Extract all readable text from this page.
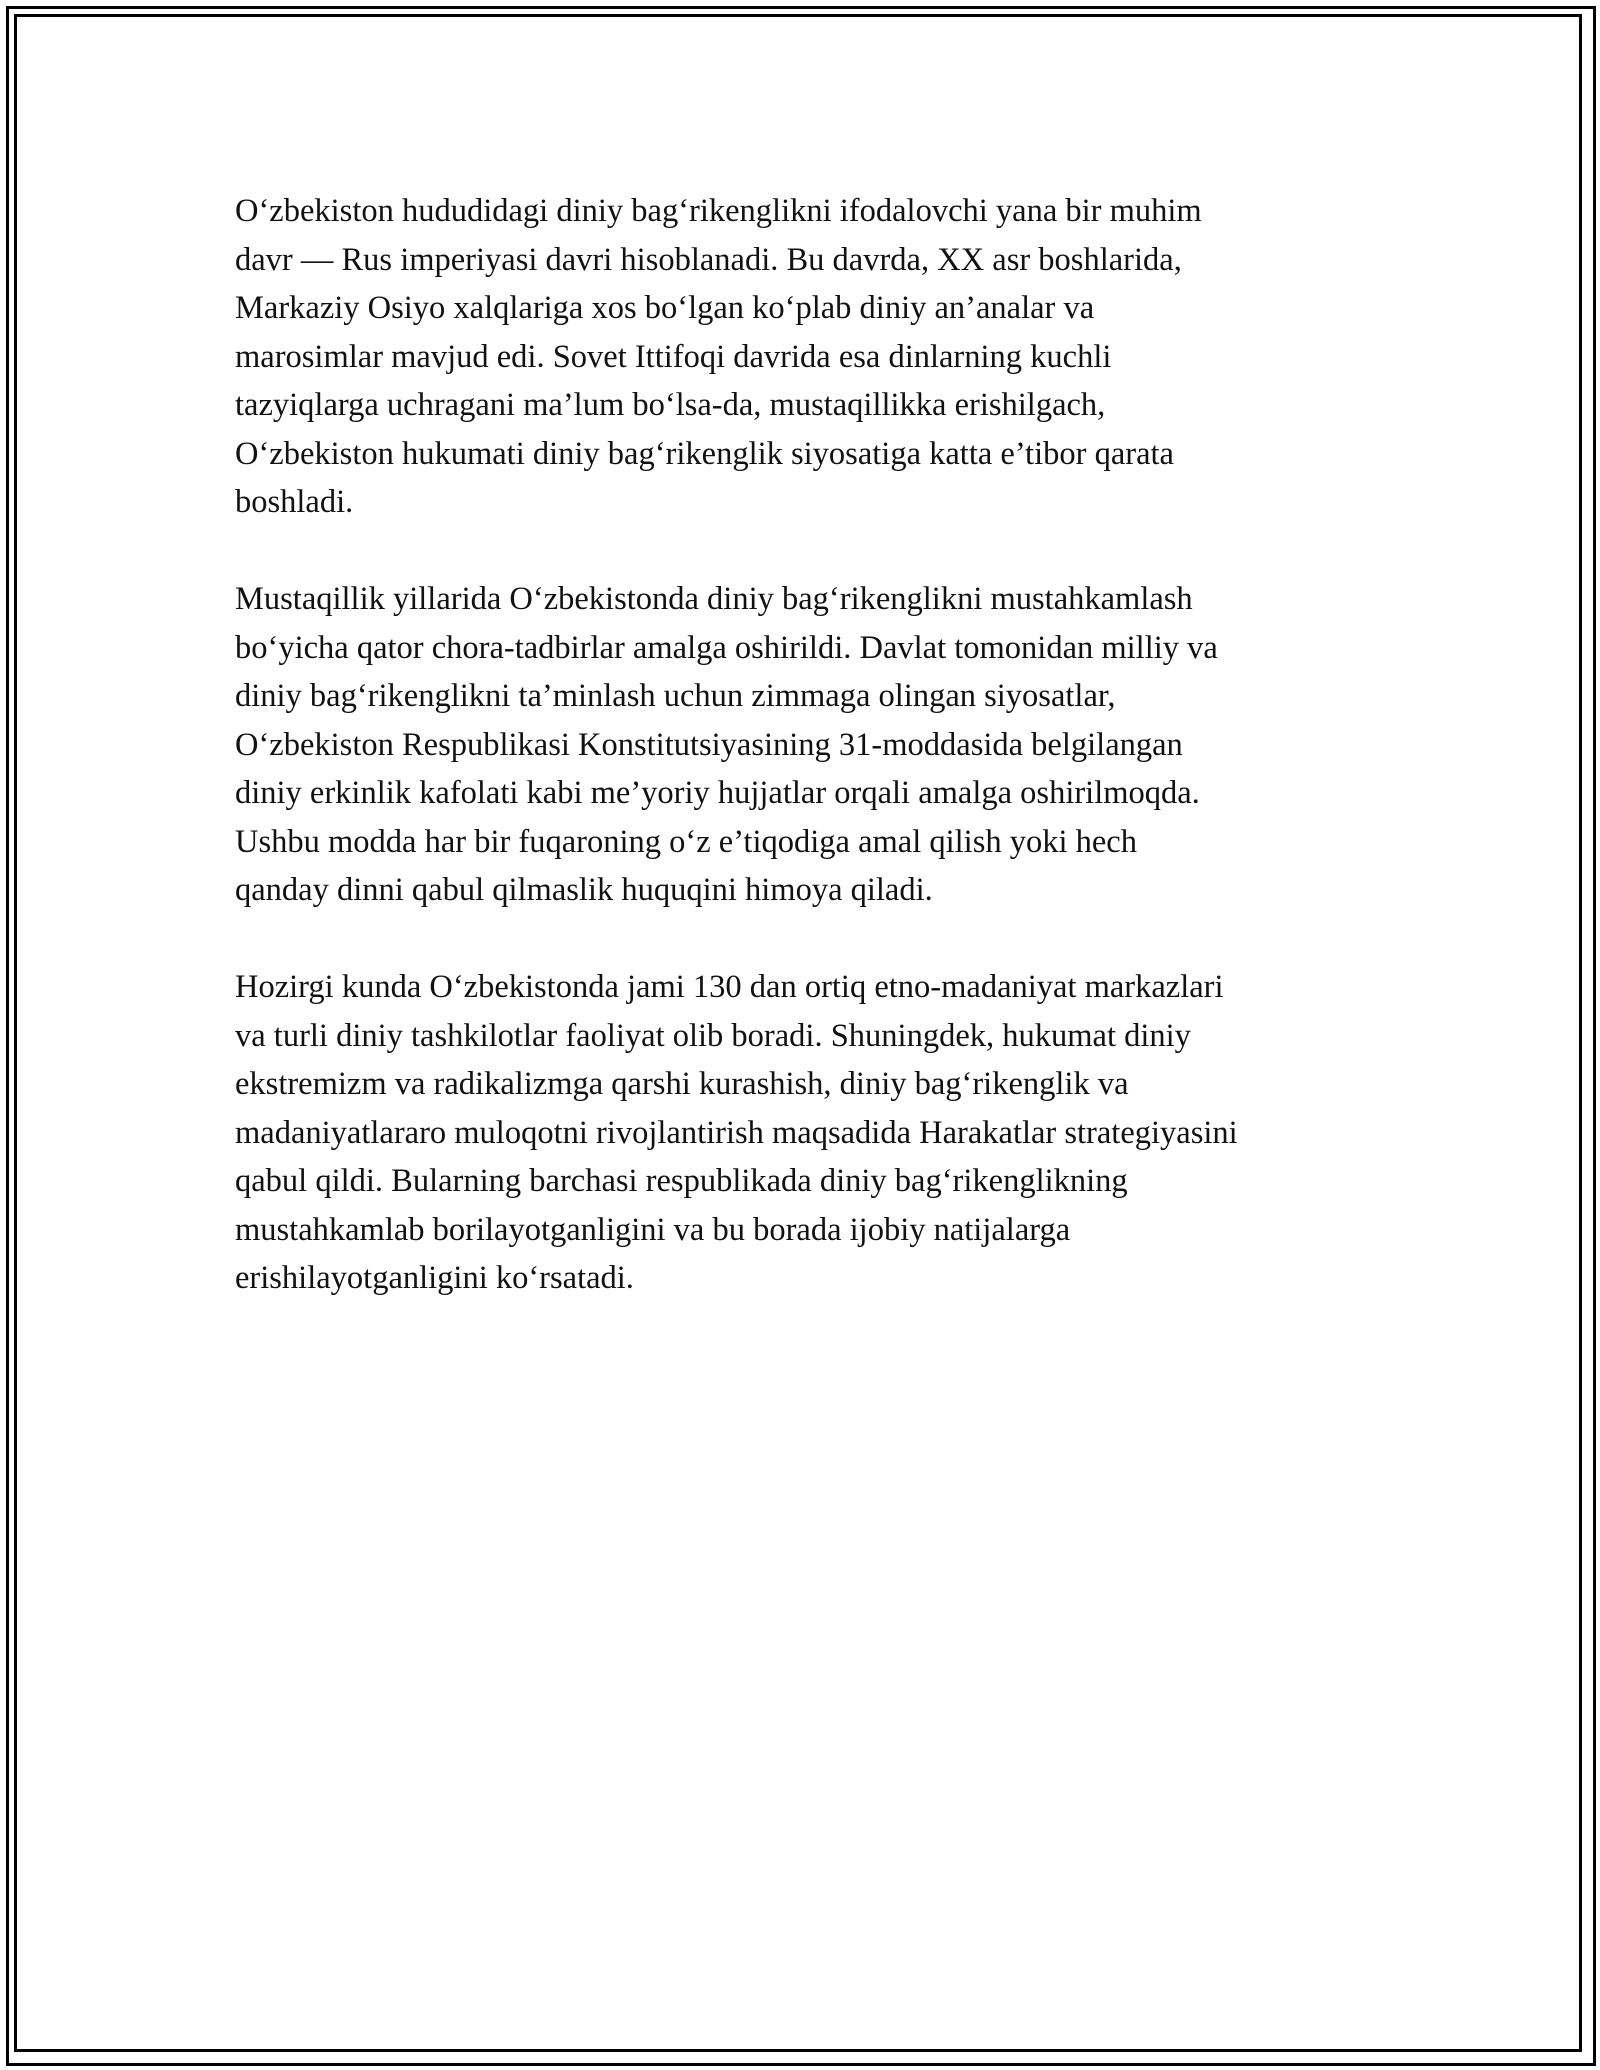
Oʻzbekiston hududidagi diniy bagʻrikenglikni ifodalovchi yana bir muhim
davr — Rus imperiyasi davri hisoblanadi. Bu davrda, XX asr boshlarida,
Markaziy Osiyo xalqlariga xos boʻlgan koʻplab diniy an’analar va
marosimlar mavjud edi. Sovet Ittifoqi davrida esa dinlarning kuchli
tazyiqlarga uchragani ma’lum boʻlsa-da, mustaqillikka erishilgach,
Oʻzbekiston hukumati diniy bagʻrikenglik siyosatiga katta e’tibor qarata
boshladi.

Mustaqillik yillarida Oʻzbekistonda diniy bagʻrikenglikni mustahkamlash
boʻyicha qator chora-tadbirlar amalga oshirildi. Davlat tomonidan milliy va
diniy bagʻrikenglikni ta’minlash uchun zimmaga olingan siyosatlar,
Oʻzbekiston Respublikasi Konstitutsiyasining 31-moddasida belgilangan
diniy erkinlik kafolati kabi me’yoriy hujjatlar orqali amalga oshirilmoqda.
Ushbu modda har bir fuqaroning oʻz e’tiqodiga amal qilish yoki hech
qanday dinni qabul qilmaslik huquqini himoya qiladi.

Hozirgi kunda Oʻzbekistonda jami 130 dan ortiq etno-madaniyat markazlari
va turli diniy tashkilotlar faoliyat olib boradi. Shuningdek, hukumat diniy
ekstremizm va radikalizmga qarshi kurashish, diniy bagʻrikenglik va
madaniyatlararo muloqotni rivojlantirish maqsadida Harakatlar strategiyasini
qabul qildi. Bularning barchasi respublikada diniy bagʻrikenglikning
mustahkamlab borilayotganligini va bu borada ijobiy natijalarga
erishilayotganligini koʻrsatadi.
